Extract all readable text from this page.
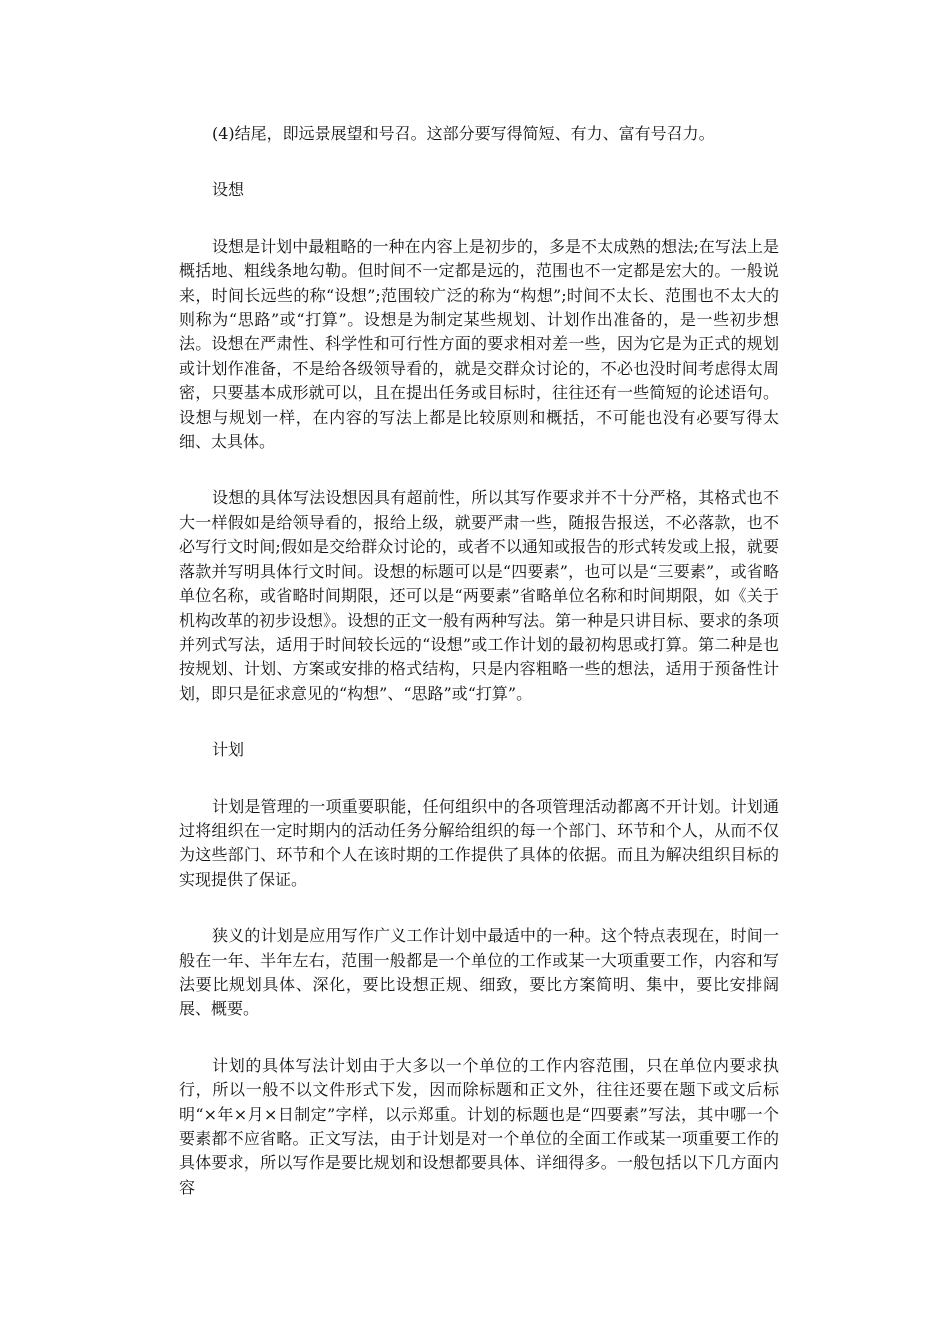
(4)结尾，即远景展望和号召。这部分要写得简短、有力、富有号召力。

设想

设想是计划中最粗略的一种在内容上是初步的，多是不太成熟的想法;在写法上是概括地、粗线条地勾勒。但时间不一定都是远的，范围也不一定都是宏大的。一般说来，时间长远些的称“设想”;范围较广泛的称为“构想”;时间不太长、范围也不太大的则称为“思路”或“打算”。设想是为制定某些规划、计划作出准备的，是一些初步想法。设想在严肃性、科学性和可行性方面的要求相对差一些，因为它是为正式的规划或计划作准备，不是给各级领导看的，就是交群众讨论的，不必也没时间考虑得太周密，只要基本成形就可以，且在提出任务或目标时，往往还有一些简短的论述语句。设想与规划一样，在内容的写法上都是比较原则和概括，不可能也没有必要写得太细、太具体。

设想的具体写法设想因具有超前性，所以其写作要求并不十分严格，其格式也不大一样假如是给领导看的，报给上级，就要严肃一些，随报告报送，不必落款，也不必写行文时间;假如是交给群众讨论的，或者不以通知或报告的形式转发或上报，就要落款并写明具体行文时间。设想的标题可以是“四要素”，也可以是“三要素”，或省略单位名称，或省略时间期限，还可以是“两要素”省略单位名称和时间期限，如《关于机构改革的初步设想》。设想的正文一般有两种写法。第一种是只讲目标、要求的条项并列式写法，适用于时间较长远的“设想”或工作计划的最初构思或打算。第二种是也按规划、计划、方案或安排的格式结构，只是内容粗略一些的想法，适用于预备性计划，即只是征求意见的“构想”、“思路”或“打算”。

计划

计划是管理的一项重要职能，任何组织中的各项管理活动都离不开计划。计划通过将组织在一定时期内的活动任务分解给组织的每一个部门、环节和个人，从而不仅为这些部门、环节和个人在该时期的工作提供了具体的依据。而且为解决组织目标的实现提供了保证。

狭义的计划是应用写作广义工作计划中最适中的一种。这个特点表现在，时间一般在一年、半年左右，范围一般都是一个单位的工作或某一大项重要工作，内容和写法要比规划具体、深化，要比设想正规、细致，要比方案简明、集中，要比安排阔展、概要。

计划的具体写法计划由于大多以一个单位的工作内容范围，只在单位内要求执行，所以一般不以文件形式下发，因而除标题和正文外，往往还要在题下或文后标明“×年×月×日制定”字样，以示郑重。计划的标题也是“四要素”写法，其中哪一个要素都不应省略。正文写法，由于计划是对一个单位的全面工作或某一项重要工作的具体要求，所以写作是要比规划和设想都要具体、详细得多。一般包括以下几方面内容
